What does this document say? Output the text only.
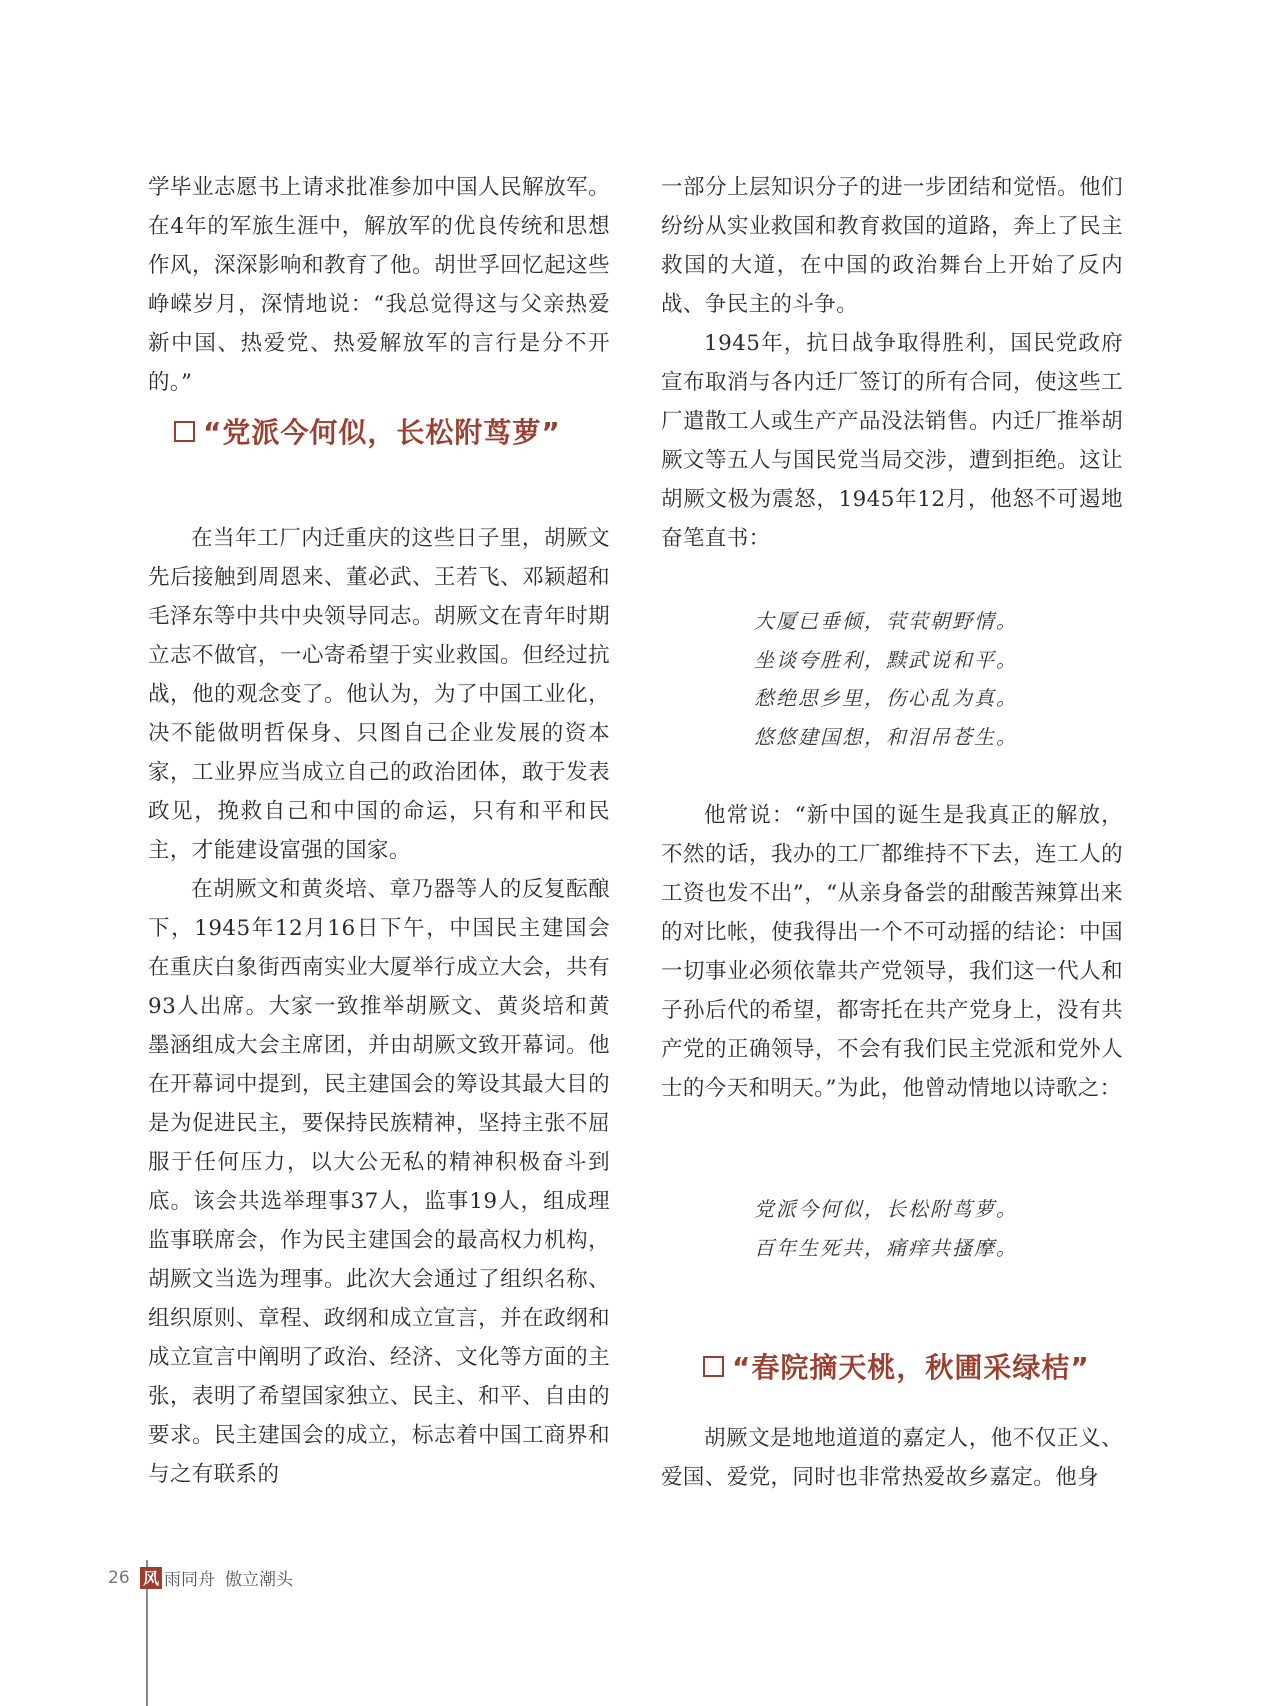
学毕业志愿书上请求批准参加中国人民解放军。在4年的军旅生涯中，解放军的优良传统和思想作风，深深影响和教育了他。胡世孚回忆起这些峥嵘岁月，深情地说：“我总觉得这与父亲热爱新中国、热爱党、热爱解放军的言行是分不开的。”

“党派今何似，长松附茑萝”

在当年工厂内迁重庆的这些日子里，胡厥文先后接触到周恩来、董必武、王若飞、邓颖超和毛泽东等中共中央领导同志。胡厥文在青年时期立志不做官，一心寄希望于实业救国。但经过抗战，他的观念变了。他认为，为了中国工业化，决不能做明哲保身、只图自己企业发展的资本家，工业界应当成立自己的政治团体，敢于发表政见，挽救自己和中国的命运，只有和平和民主，才能建设富强的国家。

在胡厥文和黄炎培、章乃器等人的反复酝酿下，1945年12月16日下午，中国民主建国会在重庆白象街西南实业大厦举行成立大会，共有93人出席。大家一致推举胡厥文、黄炎培和黄墨涵组成大会主席团，并由胡厥文致开幕词。他在开幕词中提到，民主建国会的筹设其最大目的是为促进民主，要保持民族精神，坚持主张不屈服于任何压力，以大公无私的精神积极奋斗到底。该会共选举理事37人，监事19人，组成理监事联席会，作为民主建国会的最高权力机构，胡厥文当选为理事。此次大会通过了组织名称、组织原则、章程、政纲和成立宣言，并在政纲和成立宣言中阐明了政治、经济、文化等方面的主张，表明了希望国家独立、民主、和平、自由的要求。民主建国会的成立，标志着中国工商界和与之有联系的

一部分上层知识分子的进一步团结和觉悟。他们纷纷从实业救国和教育救国的道路，奔上了民主救国的大道，在中国的政治舞台上开始了反内战、争民主的斗争。

1945年，抗日战争取得胜利，国民党政府宣布取消与各内迁厂签订的所有合同，使这些工厂遣散工人或生产产品没法销售。内迁厂推举胡厥文等五人与国民党当局交涉，遭到拒绝。这让胡厥文极为震怒，1945年12月，他怒不可遏地奋笔直书：

大厦已垂倾，茕茕朝野情。
坐谈夸胜利，黩武说和平。
愁绝思乡里，伤心乱为真。
悠悠建国想，和泪吊苍生。

他常说：“新中国的诞生是我真正的解放，不然的话，我办的工厂都维持不下去，连工人的工资也发不出”，“从亲身备尝的甜酸苦辣算出来的对比帐，使我得出一个不可动摇的结论：中国一切事业必须依靠共产党领导，我们这一代人和子孙后代的希望，都寄托在共产党身上，没有共产党的正确领导，不会有我们民主党派和党外人士的今天和明天。”为此，他曾动情地以诗歌之：

党派今何似，长松附茑萝。
百年生死共，痛痒共搔摩。
“春院摘天桃，秋圃采绿桔”

胡厥文是地地道道的嘉定人，他不仅正义、爱国、爱党，同时也非常热爱故乡嘉定。他身

26 风 雨同舟 傲立潮头
